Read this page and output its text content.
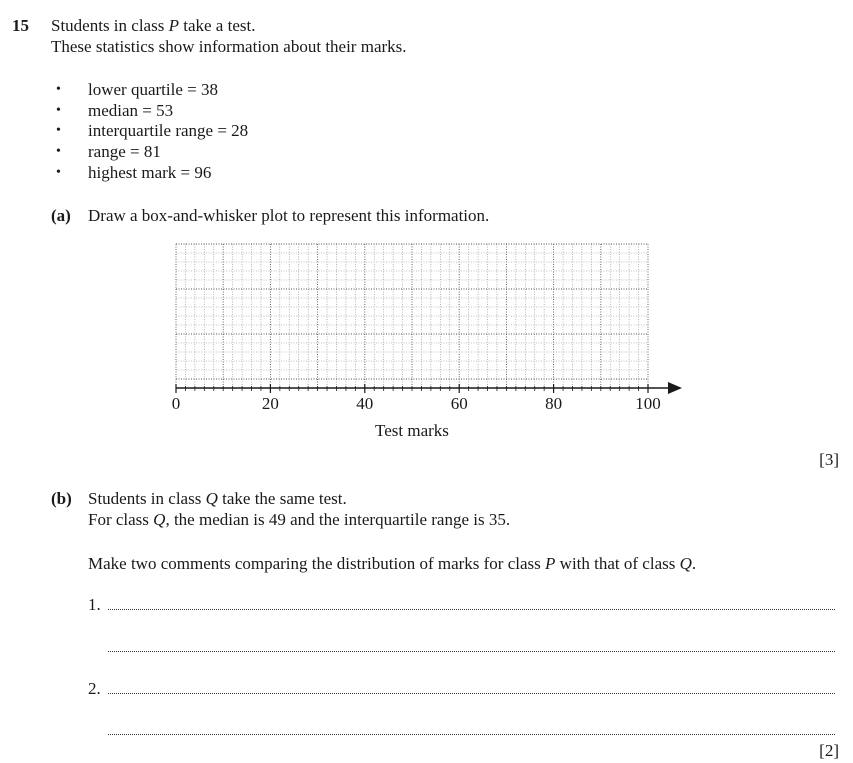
15 Students in class P take a test.
These statistics show information about their marks.
• lower quartile = 38
• median = 53
• interquartile range = 28
• range = 81
• highest mark = 96
(a) Draw a box-and-whisker plot to represent this information.
0	20	40	60	80	100
Test marks
[3]
(b) Students in class Q take the same test.
For class Q, the median is 49 and the interquartile range is 35.
Make two comments comparing the distribution of marks for class P with that of class Q.
1.
2.
[2]
